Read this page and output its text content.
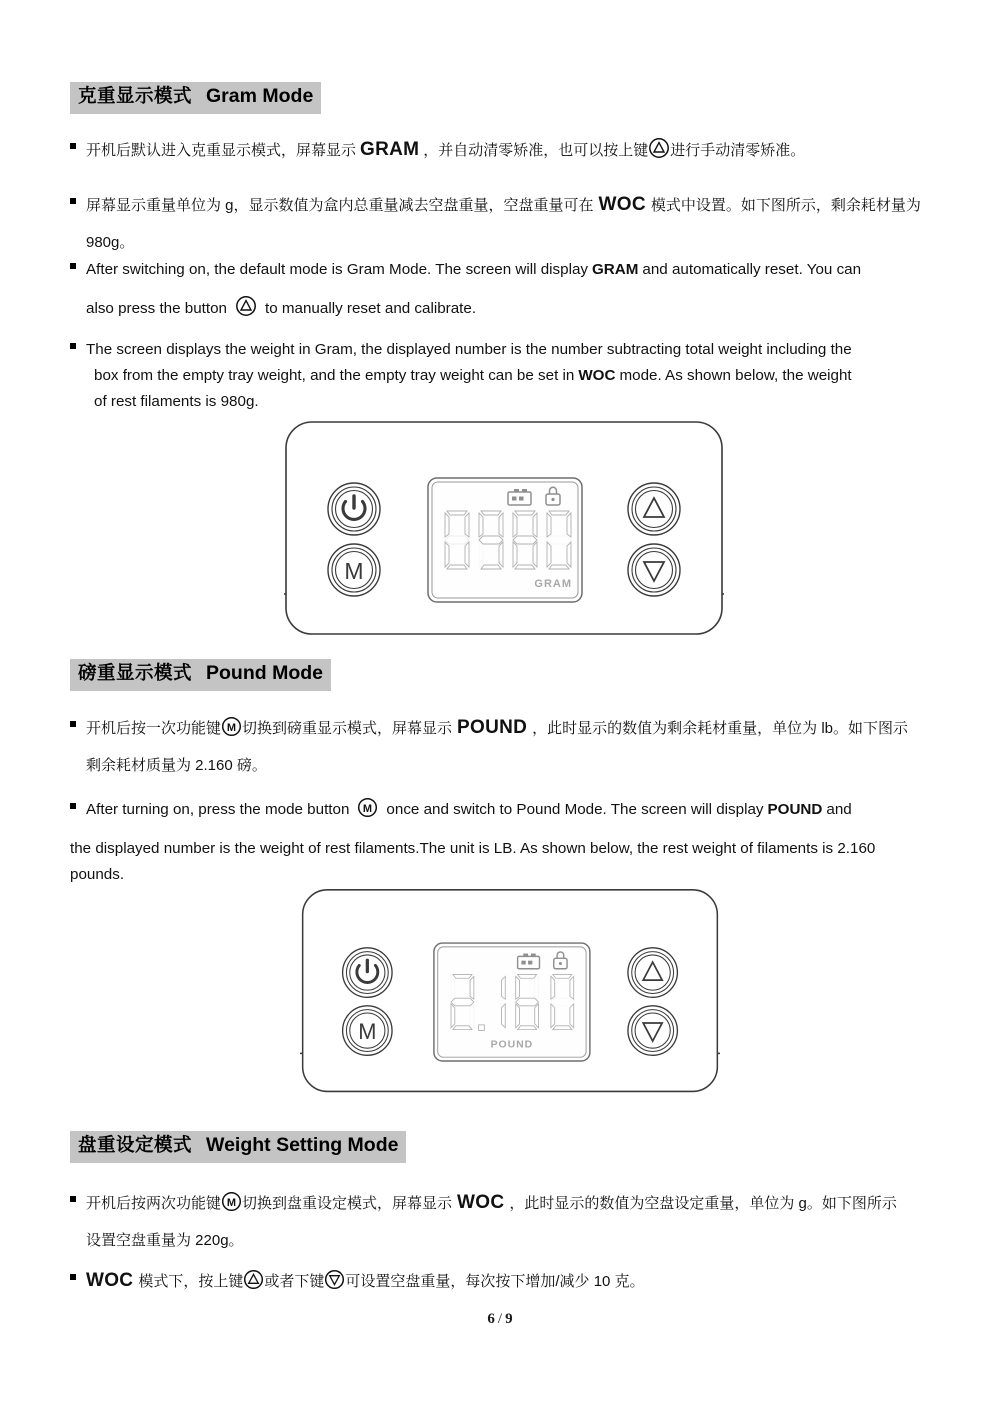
克重显示模式 Gram Mode
开机后默认进入克重显示模式，屏幕显示 GRAM ，并自动清零矫准，也可以按上键 进行手动清零矫准。
屏幕显示重量单位为 g，显示数值为盒内总重量减去空盘重量，空盘重量可在 WOC 模式中设置。如下图所示，剩余耗材量为
980g。
After switching on, the default mode is Gram Mode. The screen will display GRAM and automatically reset. You can
also press the button	to manually reset and calibrate.
The screen displays the weight in Gram, the displayed number is the number subtracting total weight including the
box from the empty tray weight, and the empty tray weight can be set in WOC mode. As shown below, the weight
of rest filaments is 980g.
M	GRAM
磅重显示模式 Pound Mode
开机后按一次功能键 M 切换到磅重显示模式，屏幕显示 POUND ，此时显示的数值为剩余耗材重量，单位为 lb。如下图示
剩余耗材质量为 2.160 磅。
After turning on, press the mode button M once and switch to Pound Mode. The screen will display POUND and
the displayed number is the weight of rest filaments.The unit is LB. As shown below, the rest weight of filaments is 2.160
pounds.
M
POUND
盘重设定模式 Weight Setting Mode
开机后按两次功能键 M 切换到盘重设定模式，屏幕显示 WOC ，此时显示的数值为空盘设定重量，单位为 g。如下图所示
设置空盘重量为 220g。
WOC 模式下，按上键 或者下键 可设置空盘重量，每次按下增加/减少 10 克。
6 / 9
